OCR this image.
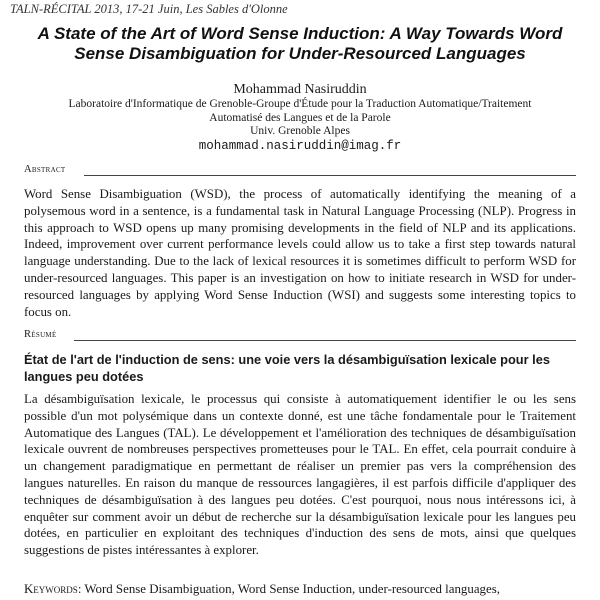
TALN-RÉCITAL 2013, 17-21 Juin, Les Sables d'Olonne
A State of the Art of Word Sense Induction: A Way Towards Word Sense Disambiguation for Under-Resourced Languages
Mohammad Nasiruddin
Laboratoire d'Informatique de Grenoble-Groupe d'Étude pour la Traduction Automatique/Traitement
Automatisé des Langues et de la Parole
Univ. Grenoble Alpes
mohammad.nasiruddin@imag.fr
Abstract
Word Sense Disambiguation (WSD), the process of automatically identifying the meaning of a polysemous word in a sentence, is a fundamental task in Natural Language Processing (NLP). Progress in this approach to WSD opens up many promising developments in the field of NLP and its applications. Indeed, improvement over current performance levels could allow us to take a first step towards natural language understanding. Due to the lack of lexical resources it is sometimes difficult to perform WSD for under-resourced languages. This paper is an investigation on how to initiate research in WSD for under-resourced languages by applying Word Sense Induction (WSI) and suggests some interesting topics to focus on.
Résumé
État de l'art de l'induction de sens: une voie vers la désambiguïsation lexicale pour les langues peu dotées
La désambiguïsation lexicale, le processus qui consiste à automatiquement identifier le ou les sens possible d'un mot polysémique dans un contexte donné, est une tâche fondamentale pour le Traitement Automatique des Langues (TAL). Le développement et l'amélioration des techniques de désambiguïsation lexicale ouvrent de nombreuses perspectives prometteuses pour le TAL. En effet, cela pourrait conduire à un changement paradigmatique en permettant de réaliser un premier pas vers la compréhension des langues naturelles. En raison du manque de ressources langagières, il est parfois difficile d'appliquer des techniques de désambiguïsation à des langues peu dotées. C'est pourquoi, nous nous intéressons ici, à enquêter sur comment avoir un début de recherche sur la désambiguïsation lexicale pour les langues peu dotées, en particulier en exploitant des techniques d'induction des sens de mots, ainsi que quelques suggestions de pistes intéressantes à explorer.
Keywords: Word Sense Disambiguation, Word Sense Induction, under-resourced languages,
